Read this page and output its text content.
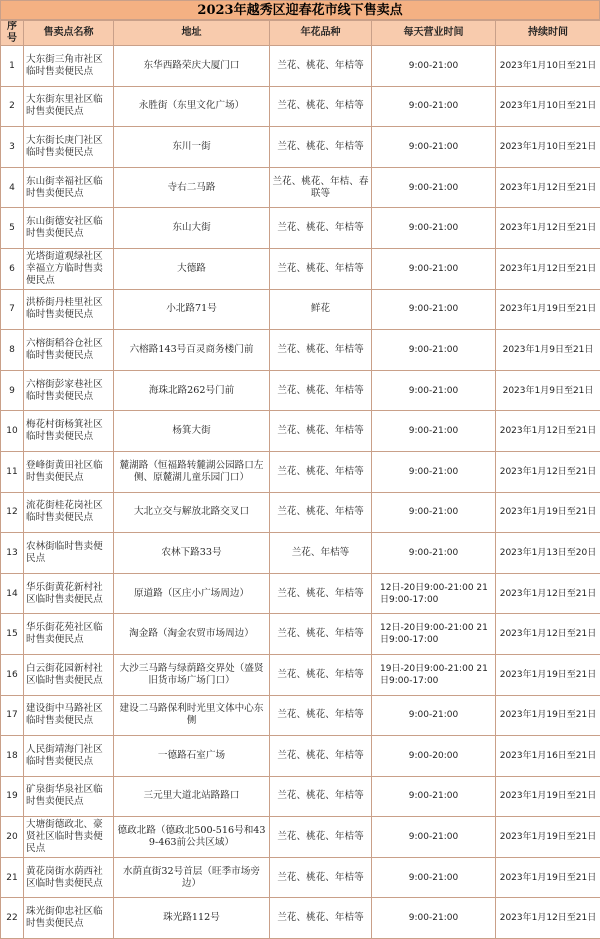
2023年越秀区迎春花市线下售卖点
序号	售卖点名称	地址	年花品种	每天营业时间	持续时间
1	大东街三角市社区临时售卖便民点	东华西路荣庆大厦门口	兰花、桃花、年桔等	9:00-21:00	2023年1月10日至21日
2	大东街东里社区临时售卖便民点	永胜街（东里文化广场）	兰花、桃花、年桔等	9:00-21:00	2023年1月10日至21日
3	大东街长庚门社区临时售卖便民点	东川一街	兰花、桃花、年桔等	9:00-21:00	2023年1月10日至21日
4	东山街幸福社区临时售卖便民点	寺右二马路	兰花、桃花、年桔、春联等	9:00-21:00	2023年1月12日至21日
5	东山街德安社区临时售卖便民点	东山大街	兰花、桃花、年桔等	9:00-21:00	2023年1月12日至21日
6	光塔街道观绿社区幸福立方临时售卖便民点	大德路	兰花、桃花、年桔等	9:00-21:00	2023年1月12日至21日
7	洪桥街丹桂里社区临时售卖便民点	小北路71号	鲜花	9:00-21:00	2023年1月19日至21日
8	六榕街稻谷仓社区临时售卖便民点	六榕路143号百灵商务楼门前	兰花、桃花、年桔等	9:00-21:00	2023年1月9日至21日
9	六榕街彭家巷社区临时售卖便民点	海珠北路262号门前	兰花、桃花、年桔等	9:00-21:00	2023年1月9日至21日
10	梅花村街杨箕社区临时售卖便民点	杨箕大街	兰花、桃花、年桔等	9:00-21:00	2023年1月12日至21日
11	登峰街黄田社区临时售卖便民点	麓湖路（恒福路转麓湖公园路口左侧、原麓湖儿童乐园门口）	兰花、桃花、年桔等	9:00-21:00	2023年1月12日至21日
12	流花街桂花岗社区临时售卖便民点	大北立交与解放北路交叉口	兰花、桃花、年桔等	9:00-21:00	2023年1月19日至21日
13	农林街临时售卖便民点	农林下路33号	兰花、年桔等	9:00-21:00	2023年1月13日至20日
14	华乐街黄花新村社区临时售卖便民点	原道路（区庄小广场周边）	兰花、桃花、年桔等	12日-20日9:00-21:00 21日9:00-17:00	2023年1月12日至21日
15	华乐街花苑社区临时售卖便民点	淘金路（淘金农贸市场周边）	兰花、桃花、年桔等	12日-20日9:00-21:00 21日9:00-17:00	2023年1月12日至21日
16	白云街花园新村社区临时售卖便民点	大沙三马路与绿荫路交界处（盛贤旧货市场广场门口）	兰花、桃花、年桔等	19日-20日9:00-21:00 21日9:00-17:00	2023年1月19日至21日
17	建设街中马路社区临时售卖便民点	建设二马路保利时光里文体中心东侧	兰花、桃花、年桔等	9:00-21:00	2023年1月19日至21日
18	人民街靖海门社区临时售卖便民点	一德路石室广场	兰花、桃花、年桔等	9:00-20:00	2023年1月16日至21日
19	矿泉街华泉社区临时售卖便民点	三元里大道北站路路口	兰花、桃花、年桔等	9:00-21:00	2023年1月19日至21日
20	大塘街德政北、豪贤社区临时售卖便民点	德政北路（德政北500-516号和439-463前公共区域）	兰花、桃花、年桔等	9:00-21:00	2023年1月19日至21日
21	黄花岗街水荫西社区临时售卖便民点	水荫直街32号首层（旺季市场旁边）	兰花、桃花、年桔等	9:00-21:00	2023年1月19日至21日
22	珠光街仰忠社区临时售卖便民点	珠光路112号	兰花、桃花、年桔等	9:00-21:00	2023年1月12日至21日
